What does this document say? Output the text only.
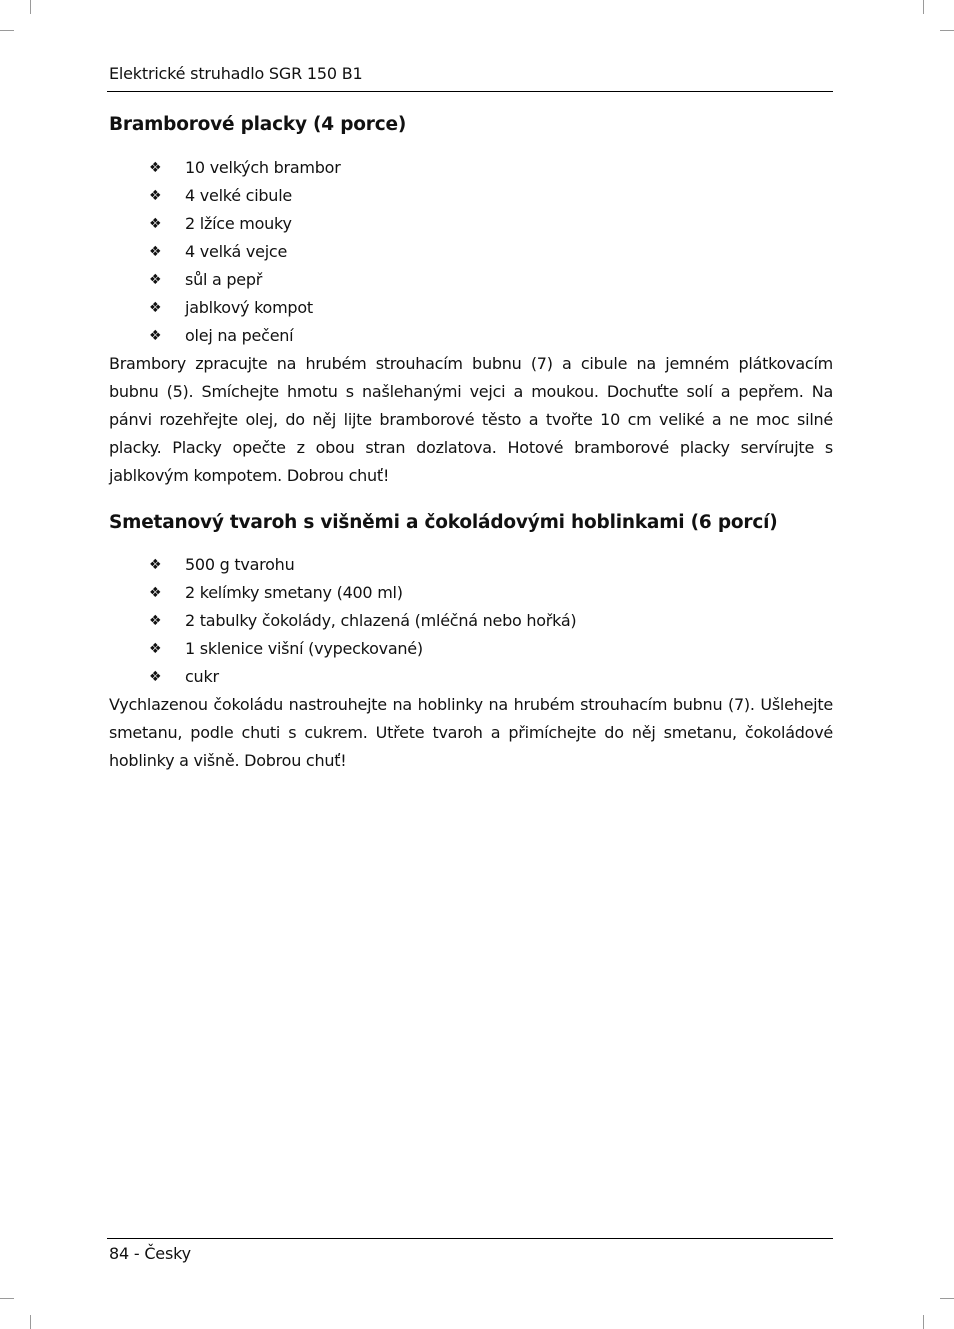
Elektrické struhadlo SGR 150 B1
Bramborové placky (4 porce)
❖ 10 velkých brambor
❖ 4 velké cibule
❖ 2 lžíce mouky
❖ 4 velká vejce
❖ sůl a pepř
❖ jablkový kompot
❖ olej na pečení

Brambory zpracujte na hrubém strouhacím bubnu (7) a cibule na jemném plátkovacím bubnu (5). Smíchejte hmotu s našlehanými vejci a moukou. Dochuťte solí a pepřem. Na pánvi rozehřejte olej, do něj lijte bramborové těsto a tvořte 10 cm veliké a ne moc silné placky. Placky opečte z obou stran dozlatova. Hotové bramborové placky servírujte s jablkovým kompotem. Dobrou chuť!

Smetanový tvaroh s višněmi a čokoládovými hoblinkami (6 porcí)
❖ 500 g tvarohu
❖ 2 kelímky smetany (400 ml)
❖ 2 tabulky čokolády, chlazená (mléčná nebo hořká)
❖ 1 sklenice višní (vypeckované)
❖ cukr

Vychlazenou čokoládu nastrouhejte na hoblinky na hrubém strouhacím bubnu (7). Ušlehejte smetanu, podle chuti s cukrem. Utřete tvaroh a přimíchejte do něj smetanu, čokoládové hoblinky a višně. Dobrou chuť!

84 - Česky
